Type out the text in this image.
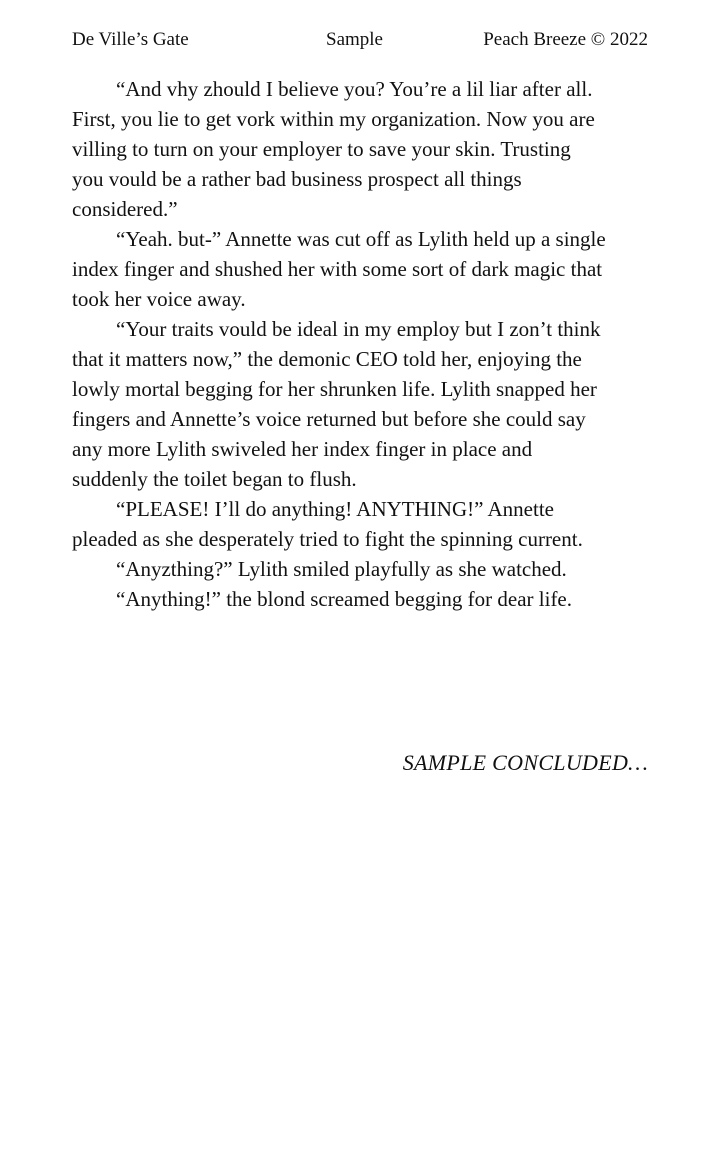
De Ville’s Gate	Sample	Peach Breeze © 2022

“And vhy zhould I believe you? You’re a lil liar after all. First, you lie to get vork within my organization. Now you are villing to turn on your employer to save your skin. Trusting you vould be a rather bad business prospect all things considered.”

“Yeah. but-” Annette was cut off as Lylith held up a single index finger and shushed her with some sort of dark magic that took her voice away.

“Your traits vould be ideal in my employ but I zon’t think that it matters now,” the demonic CEO told her, enjoying the lowly mortal begging for her shrunken life. Lylith snapped her fingers and Annette’s voice returned but before she could say any more Lylith swiveled her index finger in place and suddenly the toilet began to flush.

“PLEASE! I’ll do anything! ANYTHING!” Annette pleaded as she desperately tried to fight the spinning current.

“Anyzthing?” Lylith smiled playfully as she watched.

“Anything!” the blond screamed begging for dear life.

SAMPLE CONCLUDED…
